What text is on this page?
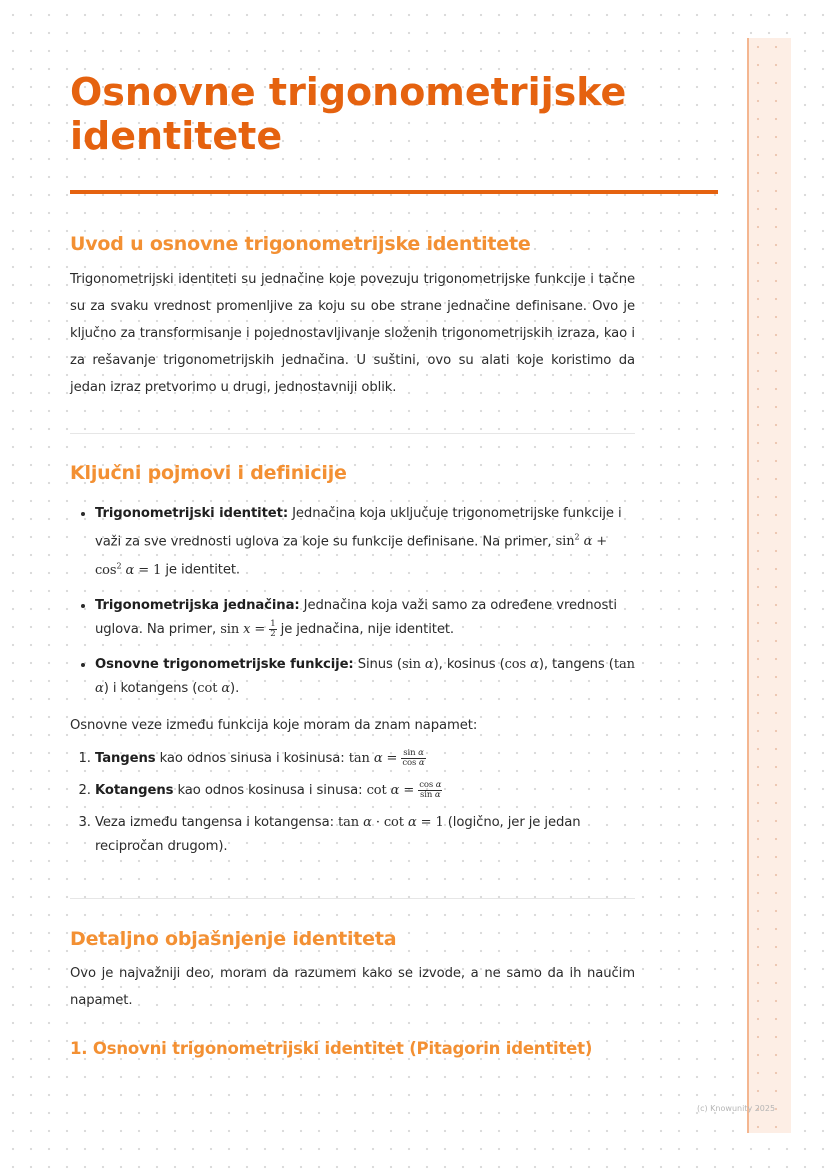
Osnovne trigonometrijske identitete
Uvod u osnovne trigonometrijske identitete

Trigonometrijski identiteti su jednačine koje povezuju trigonometrijske funkcije i tačne su za svaku vrednost promenljive za koju su obe strane jednačine definisane. Ovo je ključno za transformisanje i pojednostavljivanje složenih trigonometrijskih izraza, kao i za rešavanje trigonometrijskih jednačina. U suštini, ovo su alati koje koristimo da jedan izraz pretvorimo u drugi, jednostavniji oblik.

Ključni pojmovi i definicije
• Trigonometrijski identitet: Jednačina koja uključuje trigonometrijske funkcije i važi za sve vrednosti uglova za koje su funkcije definisane. Na primer, $\sin^2 \alpha + \cos^2 \alpha = 1$ je identitet.
• Trigonometrijska jednačina: Jednačina koja važi samo za određene vrednosti uglova. Na primer, $\sin x = \frac{1}{2}$ je jednačina, nije identitet.
• Osnovne trigonometrijske funkcije: Sinus (sin α), kosinus (cos α), tangens (tan α) i kotangens (cot α).

Osnovne veze između funkcija koje moram da znam napamet:

1. Tangens kao odnos sinusa i kosinusa: $\tan \alpha = \frac{\text{sin α}}{\text{cos α}}$
2. Kotangens kao odnos kosinusa i sinusa: $\cot \alpha = \frac{\text{cos α}}{\text{sin α}}$
3. Veza između tangensa i kotangensa: tan α · cot α = 1 (logično, jer je jedan recipročan drugom).
Detaljno objašnjenje identiteta

Ovo je najvažniji deo, moram da razumem kako se izvode, a ne samo da ih naučim napamet.

1. Osnovni trigonometrijski identitet (Pitagorin identitet)
(c) Knowunity 2025
